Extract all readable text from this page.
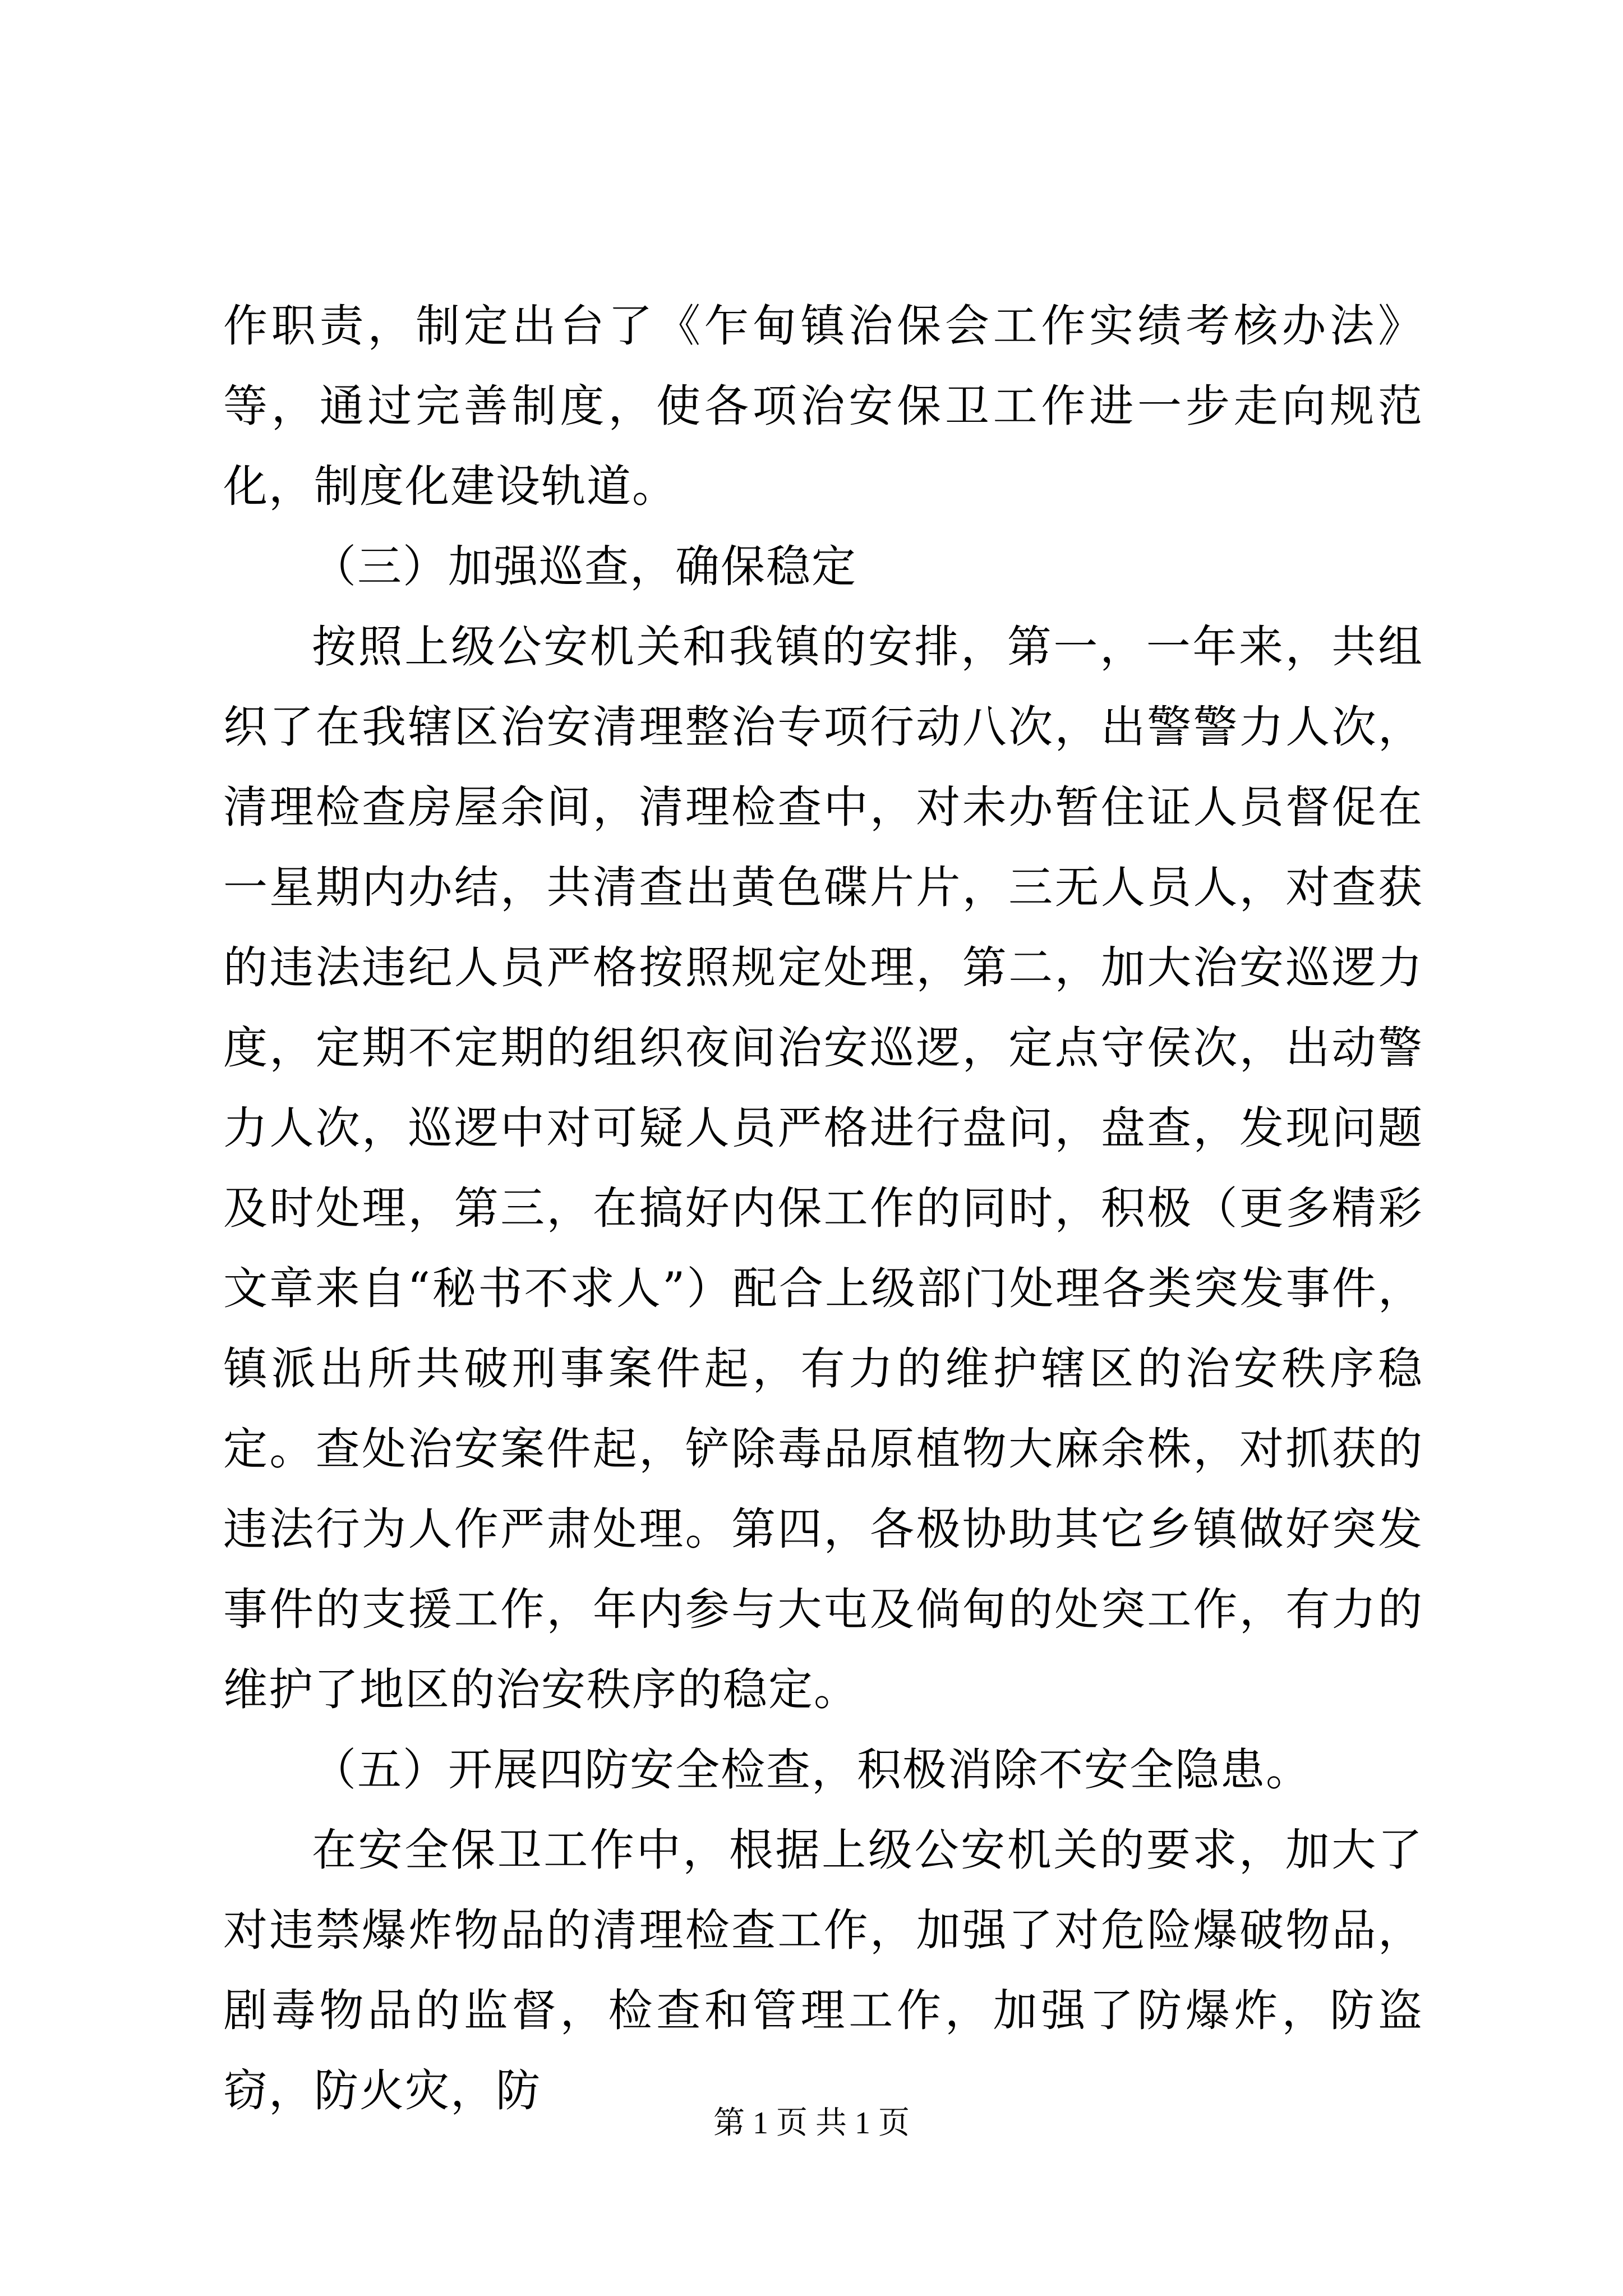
作职责，制定出台了《乍甸镇治保会工作实绩考核办法》等，通过完善制度，使各项治安保卫工作进一步走向规范化，制度化建设轨道。

（三）加强巡查，确保稳定

按照上级公安机关和我镇的安排，第一，一年来，共组织了在我辖区治安清理整治专项行动八次，出警警力人次，清理检查房屋余间，清理检查中，对未办暂住证人员督促在一星期内办结，共清查出黄色碟片片，三无人员人，对查获的违法违纪人员严格按照规定处理，第二，加大治安巡逻力度，定期不定期的组织夜间治安巡逻，定点守侯次，出动警力人次，巡逻中对可疑人员严格进行盘问，盘查，发现问题及时处理，第三，在搞好内保工作的同时，积极（更多精彩文章来自“秘书不求人”）配合上级部门处理各类突发事件，镇派出所共破刑事案件起，有力的维护辖区的治安秩序稳定。查处治安案件起，铲除毒品原植物大麻余株，对抓获的违法行为人作严肃处理。第四，各极协助其它乡镇做好突发事件的支援工作，年内参与大屯及倘甸的处突工作，有力的维护了地区的治安秩序的稳定。

（五）开展四防安全检查，积极消除不安全隐患。

在安全保卫工作中，根据上级公安机关的要求，加大了对违禁爆炸物品的清理检查工作，加强了对危险爆破物品，剧毒物品的监督，检查和管理工作，加强了防爆炸，防盗窃，防火灾，防

第 1 页 共 1 页
